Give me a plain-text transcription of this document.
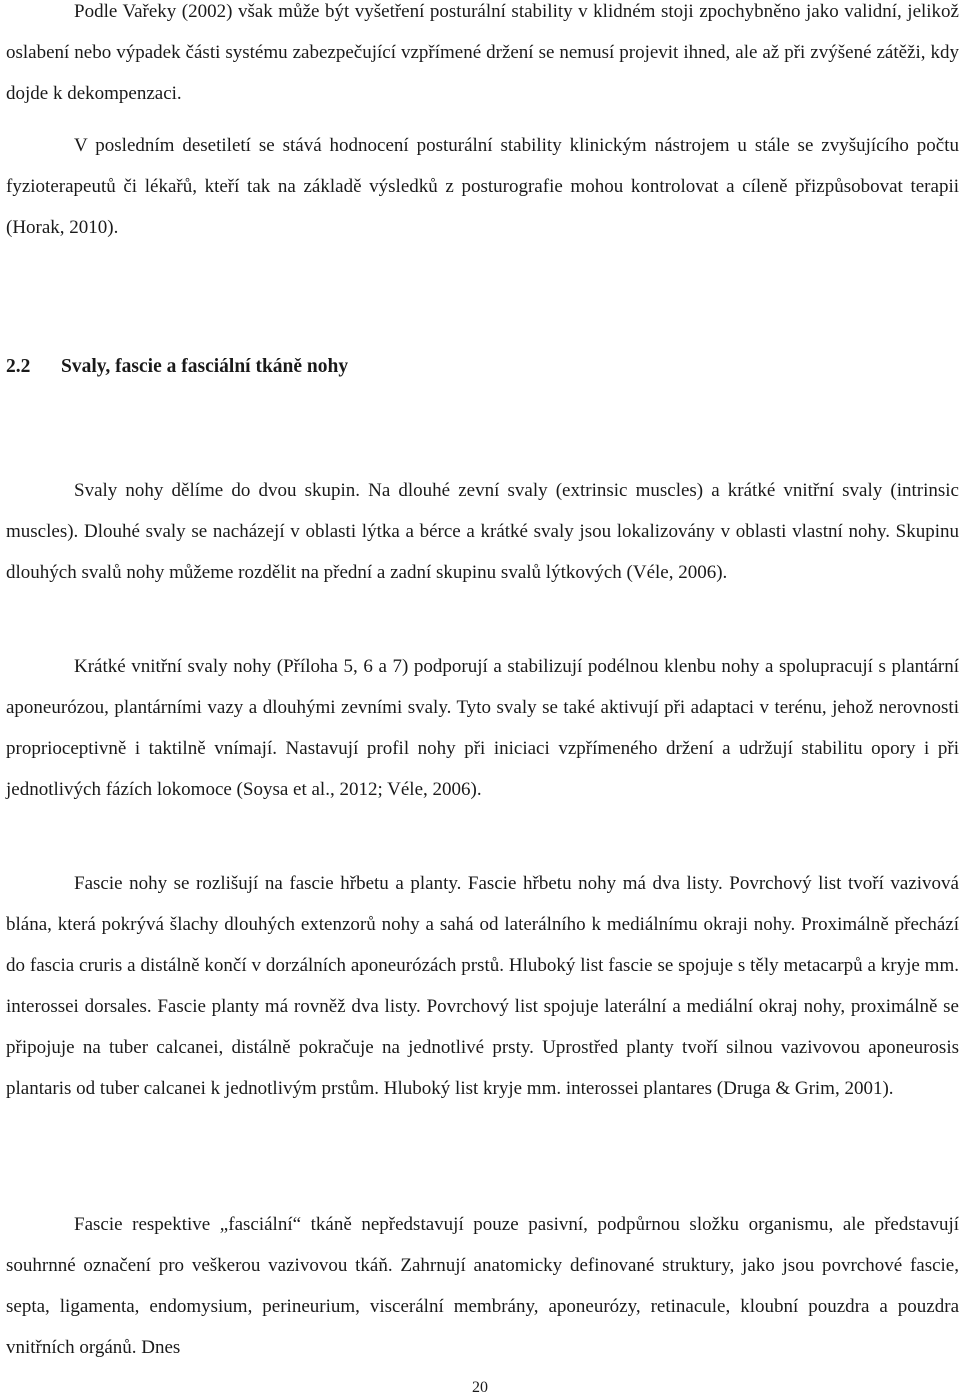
Podle Vařeky (2002) však může být vyšetření posturální stability v klidném stoji zpochybněno jako validní, jelikož oslabení nebo výpadek části systému zabezpečující vzpřímené držení se nemusí projevit ihned, ale až při zvýšené zátěži, kdy dojde k dekompenzaci.

V posledním desetiletí se stává hodnocení posturální stability klinickým nástrojem u stále se zvyšujícího počtu fyzioterapeutů či lékařů, kteří tak na základě výsledků z posturografie mohou kontrolovat a cíleně přizpůsobovat terapii (Horak, 2010).

2.2 Svaly, fascie a fasciální tkáně nohy

Svaly nohy dělíme do dvou skupin. Na dlouhé zevní svaly (extrinsic muscles) a krátké vnitřní svaly (intrinsic muscles). Dlouhé svaly se nacházejí v oblasti lýtka a bérce a krátké svaly jsou lokalizovány v oblasti vlastní nohy. Skupinu dlouhých svalů nohy můžeme rozdělit na přední a zadní skupinu svalů lýtkových (Véle, 2006).

Krátké vnitřní svaly nohy (Příloha 5, 6 a 7) podporují a stabilizují podélnou klenbu nohy a spolupracují s plantární aponeurózou, plantárními vazy a dlouhými zevními svaly. Tyto svaly se také aktivují při adaptaci v terénu, jehož nerovnosti proprioceptivně i taktilně vnímají. Nastavují profil nohy při iniciaci vzpřímeného držení a udržují stabilitu opory i při jednotlivých fázích lokomoce (Soysa et al., 2012; Véle, 2006).

Fascie nohy se rozlišují na fascie hřbetu a planty. Fascie hřbetu nohy má dva listy. Povrchový list tvoří vazivová blána, která pokrývá šlachy dlouhých extenzorů nohy a sahá od laterálního k mediálnímu okraji nohy. Proximálně přechází do fascia cruris a distálně končí v dorzálních aponeurózách prstů. Hluboký list fascie se spojuje s těly metacarpů a kryje mm. interossei dorsales. Fascie planty má rovněž dva listy. Povrchový list spojuje laterální a mediální okraj nohy, proximálně se připojuje na tuber calcanei, distálně pokračuje na jednotlivé prsty. Uprostřed planty tvoří silnou vazivovou aponeurosis plantaris od tuber calcanei k jednotlivým prstům. Hluboký list kryje mm. interossei plantares (Druga & Grim, 2001).

Fascie respektive „fasciální“ tkáně nepředstavují pouze pasivní, podpůrnou složku organismu, ale představují souhrnné označení pro veškerou vazivovou tkáň. Zahrnují anatomicky definované struktury, jako jsou povrchové fascie, septa, ligamenta, endomysium, perineurium, viscerální membrány, aponeurózy, retinacule, kloubní pouzdra a pouzdra vnitřních orgánů. Dnes

20
